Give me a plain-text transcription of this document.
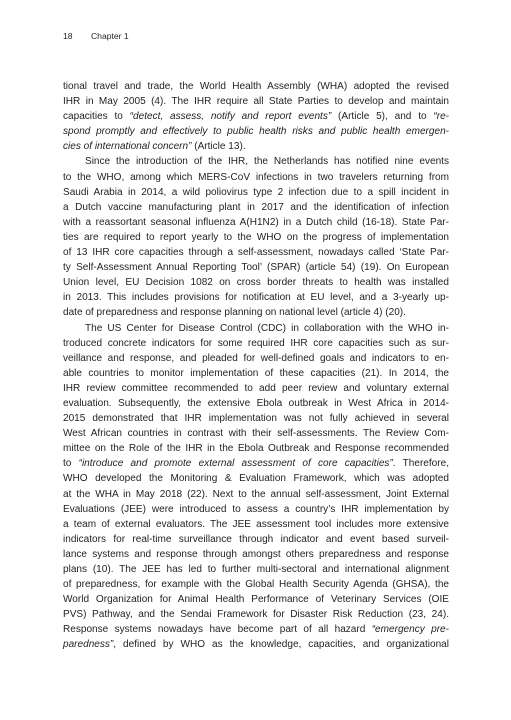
18 Chapter 1
tional travel and trade, the World Health Assembly (WHA) adopted the revised
IHR in May 2005 (4). The IHR require all State Parties to develop and maintain
capacities to “detect, assess, notify and report events” (Article 5), and to “re-
spond promptly and effectively to public health risks and public health emergen-
cies of international concern” (Article 13).
Since the introduction of the IHR, the Netherlands has notified nine events
to the WHO, among which MERS-CoV infections in two travelers returning from
Saudi Arabia in 2014, a wild poliovirus type 2 infection due to a spill incident in
a Dutch vaccine manufacturing plant in 2017 and the identification of infection
with a reassortant seasonal influenza A(H1N2) in a Dutch child (16-18). State Par-
ties are required to report yearly to the WHO on the progress of implementation
of 13 IHR core capacities through a self-assessment, nowadays called ‘State Par-
ty Self-Assessment Annual Reporting Tool’ (SPAR) (article 54) (19). On European
Union level, EU Decision 1082 on cross border threats to health was installed
in 2013. This includes provisions for notification at EU level, and a 3-yearly up-
date of preparedness and response planning on national level (article 4) (20).
The US Center for Disease Control (CDC) in collaboration with the WHO in-
troduced concrete indicators for some required IHR core capacities such as sur-
veillance and response, and pleaded for well-defined goals and indicators to en-
able countries to monitor implementation of these capacities (21). In 2014, the
IHR review committee recommended to add peer review and voluntary external
evaluation. Subsequently, the extensive Ebola outbreak in West Africa in 2014-
2015 demonstrated that IHR implementation was not fully achieved in several
West African countries in contrast with their self-assessments. The Review Com-
mittee on the Role of the IHR in the Ebola Outbreak and Response recommended
to “introduce and promote external assessment of core capacities”. Therefore,
WHO developed the Monitoring & Evaluation Framework, which was adopted
at the WHA in May 2018 (22). Next to the annual self-assessment, Joint External
Evaluations (JEE) were introduced to assess a country’s IHR implementation by
a team of external evaluators. The JEE assessment tool includes more extensive
indicators for real-time surveillance through indicator and event based surveil-
lance systems and response through amongst others preparedness and response
plans (10). The JEE has led to further multi-sectoral and international alignment
of preparedness, for example with the Global Health Security Agenda (GHSA), the
World Organization for Animal Health Performance of Veterinary Services (OIE
PVS) Pathway, and the Sendai Framework for Disaster Risk Reduction (23, 24).
Response systems nowadays have become part of all hazard “emergency pre-
paredness”, defined by WHO as the knowledge, capacities, and organizational
